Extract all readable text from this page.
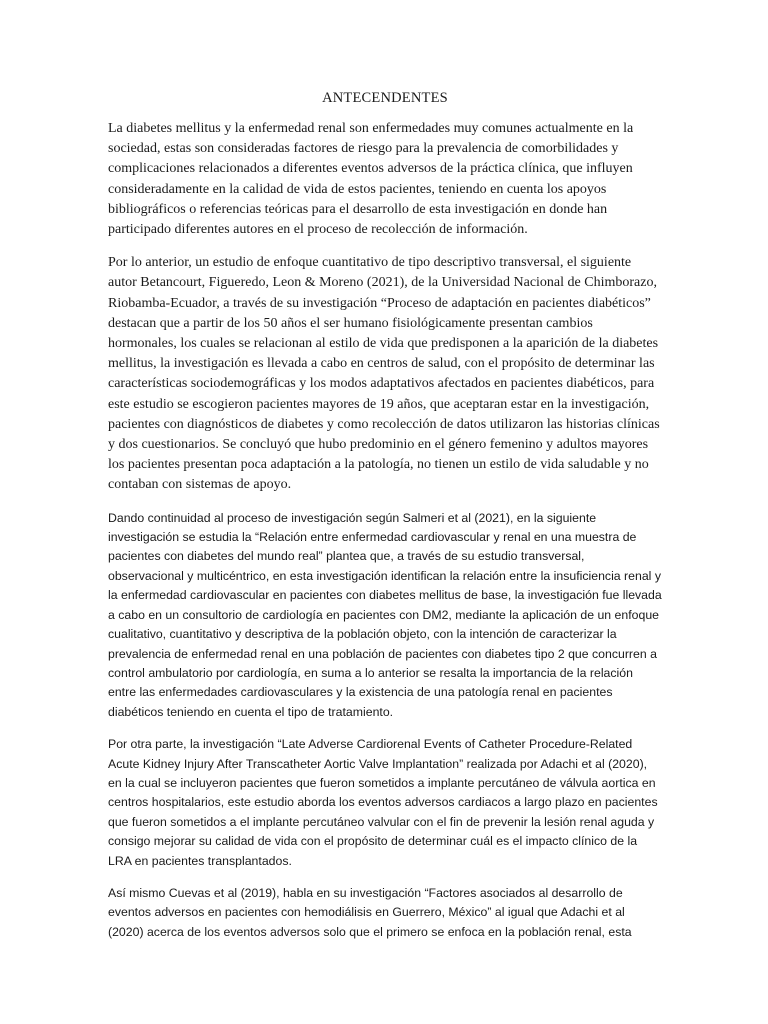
ANTECENDENTES

La diabetes mellitus y la enfermedad renal son enfermedades muy comunes actualmente en la sociedad, estas son consideradas factores de riesgo para la prevalencia de comorbilidades y complicaciones relacionados a diferentes eventos adversos de la práctica clínica, que influyen consideradamente en la calidad de vida de estos pacientes, teniendo en cuenta los apoyos bibliográficos o referencias teóricas para el desarrollo de esta investigación en donde han participado diferentes autores en el proceso de recolección de información.

Por lo anterior, un estudio de enfoque cuantitativo de tipo descriptivo transversal, el siguiente autor Betancourt, Figueredo, Leon & Moreno (2021), de la Universidad Nacional de Chimborazo, Riobamba-Ecuador, a través de su investigación “Proceso de adaptación en pacientes diabéticos” destacan que a partir de los 50 años el ser humano fisiológicamente presentan cambios hormonales, los cuales se relacionan al estilo de vida que predisponen a la aparición de la diabetes mellitus, la investigación es llevada a cabo en centros de salud, con el propósito de determinar las características sociodemográficas y los modos adaptativos afectados en pacientes diabéticos, para este estudio se escogieron pacientes mayores de 19 años, que aceptaran estar en la investigación, pacientes con diagnósticos de diabetes y como recolección de datos utilizaron las historias clínicas y dos cuestionarios. Se concluyó que hubo predominio en el género femenino y adultos mayores los pacientes presentan poca adaptación a la patología, no tienen un estilo de vida saludable y no contaban con sistemas de apoyo.

Dando continuidad al proceso de investigación según Salmeri et al (2021), en la siguiente investigación se estudia la “Relación entre enfermedad cardiovascular y renal en una muestra de pacientes con diabetes del mundo real” plantea que, a través de su estudio transversal, observacional y multicéntrico, en esta investigación identifican la relación entre la insuficiencia renal y la enfermedad cardiovascular en pacientes con diabetes mellitus de base, la investigación fue llevada a cabo en un consultorio de cardiología en pacientes con DM2, mediante la aplicación de un enfoque cualitativo, cuantitativo y descriptiva de la población objeto, con la intención de caracterizar la prevalencia de enfermedad renal en una población de pacientes con diabetes tipo 2 que concurren a control ambulatorio por cardiología, en suma a lo anterior se resalta la importancia de la relación entre las enfermedades cardiovasculares y la existencia de una patología renal en pacientes diabéticos teniendo en cuenta el tipo de tratamiento.

Por otra parte, la investigación “Late Adverse Cardiorenal Events of Catheter Procedure-Related Acute Kidney Injury After Transcatheter Aortic Valve Implantation” realizada por Adachi et al (2020), en la cual se incluyeron pacientes que fueron sometidos a implante percutáneo de válvula aortica en centros hospitalarios, este estudio aborda los eventos adversos cardiacos a largo plazo en pacientes que fueron sometidos a el implante percutáneo valvular con el fin de prevenir la lesión renal aguda y consigo mejorar su calidad de vida con el propósito de determinar cuál es el impacto clínico de la LRA en pacientes transplantados.

Así mismo Cuevas et al (2019), habla en su investigación “Factores asociados al desarrollo de eventos adversos en pacientes con hemodiálisis en Guerrero, México” al igual que Adachi et al (2020) acerca de los eventos adversos solo que el primero se enfoca en la población renal, esta
